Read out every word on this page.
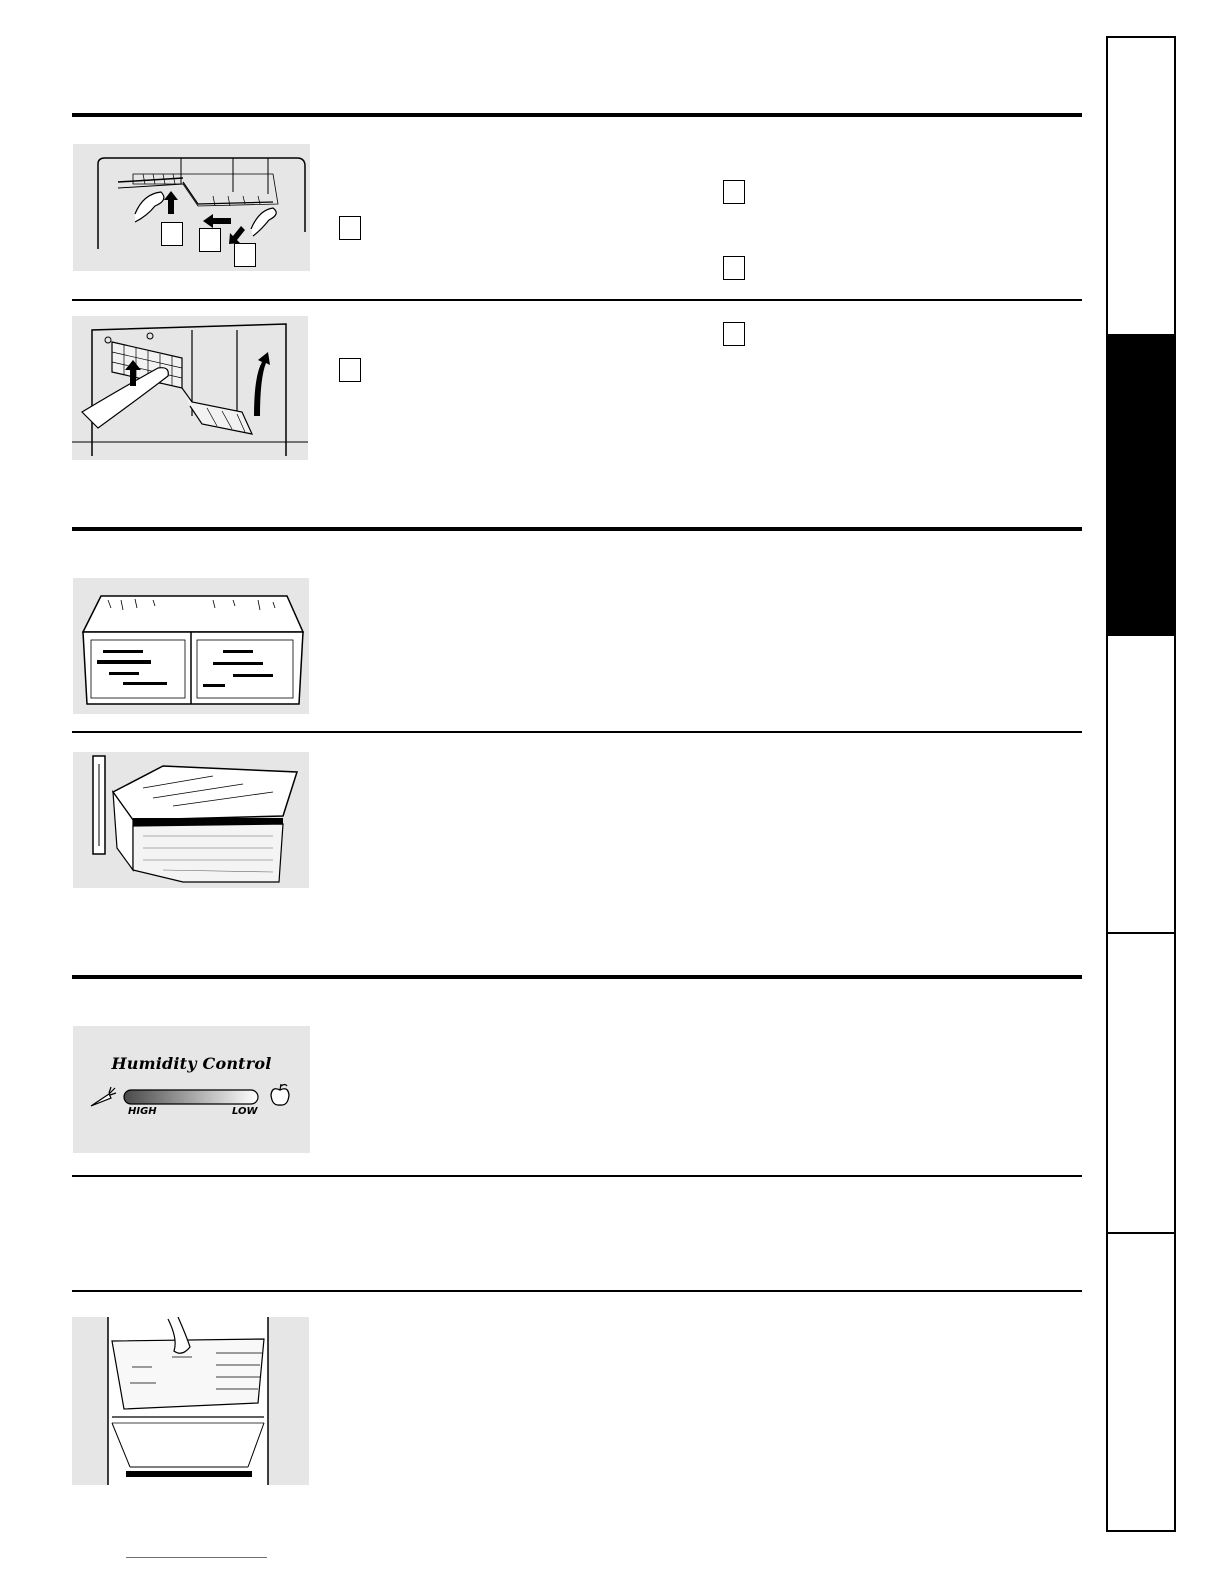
Humidity Control
HIGH	LOW
